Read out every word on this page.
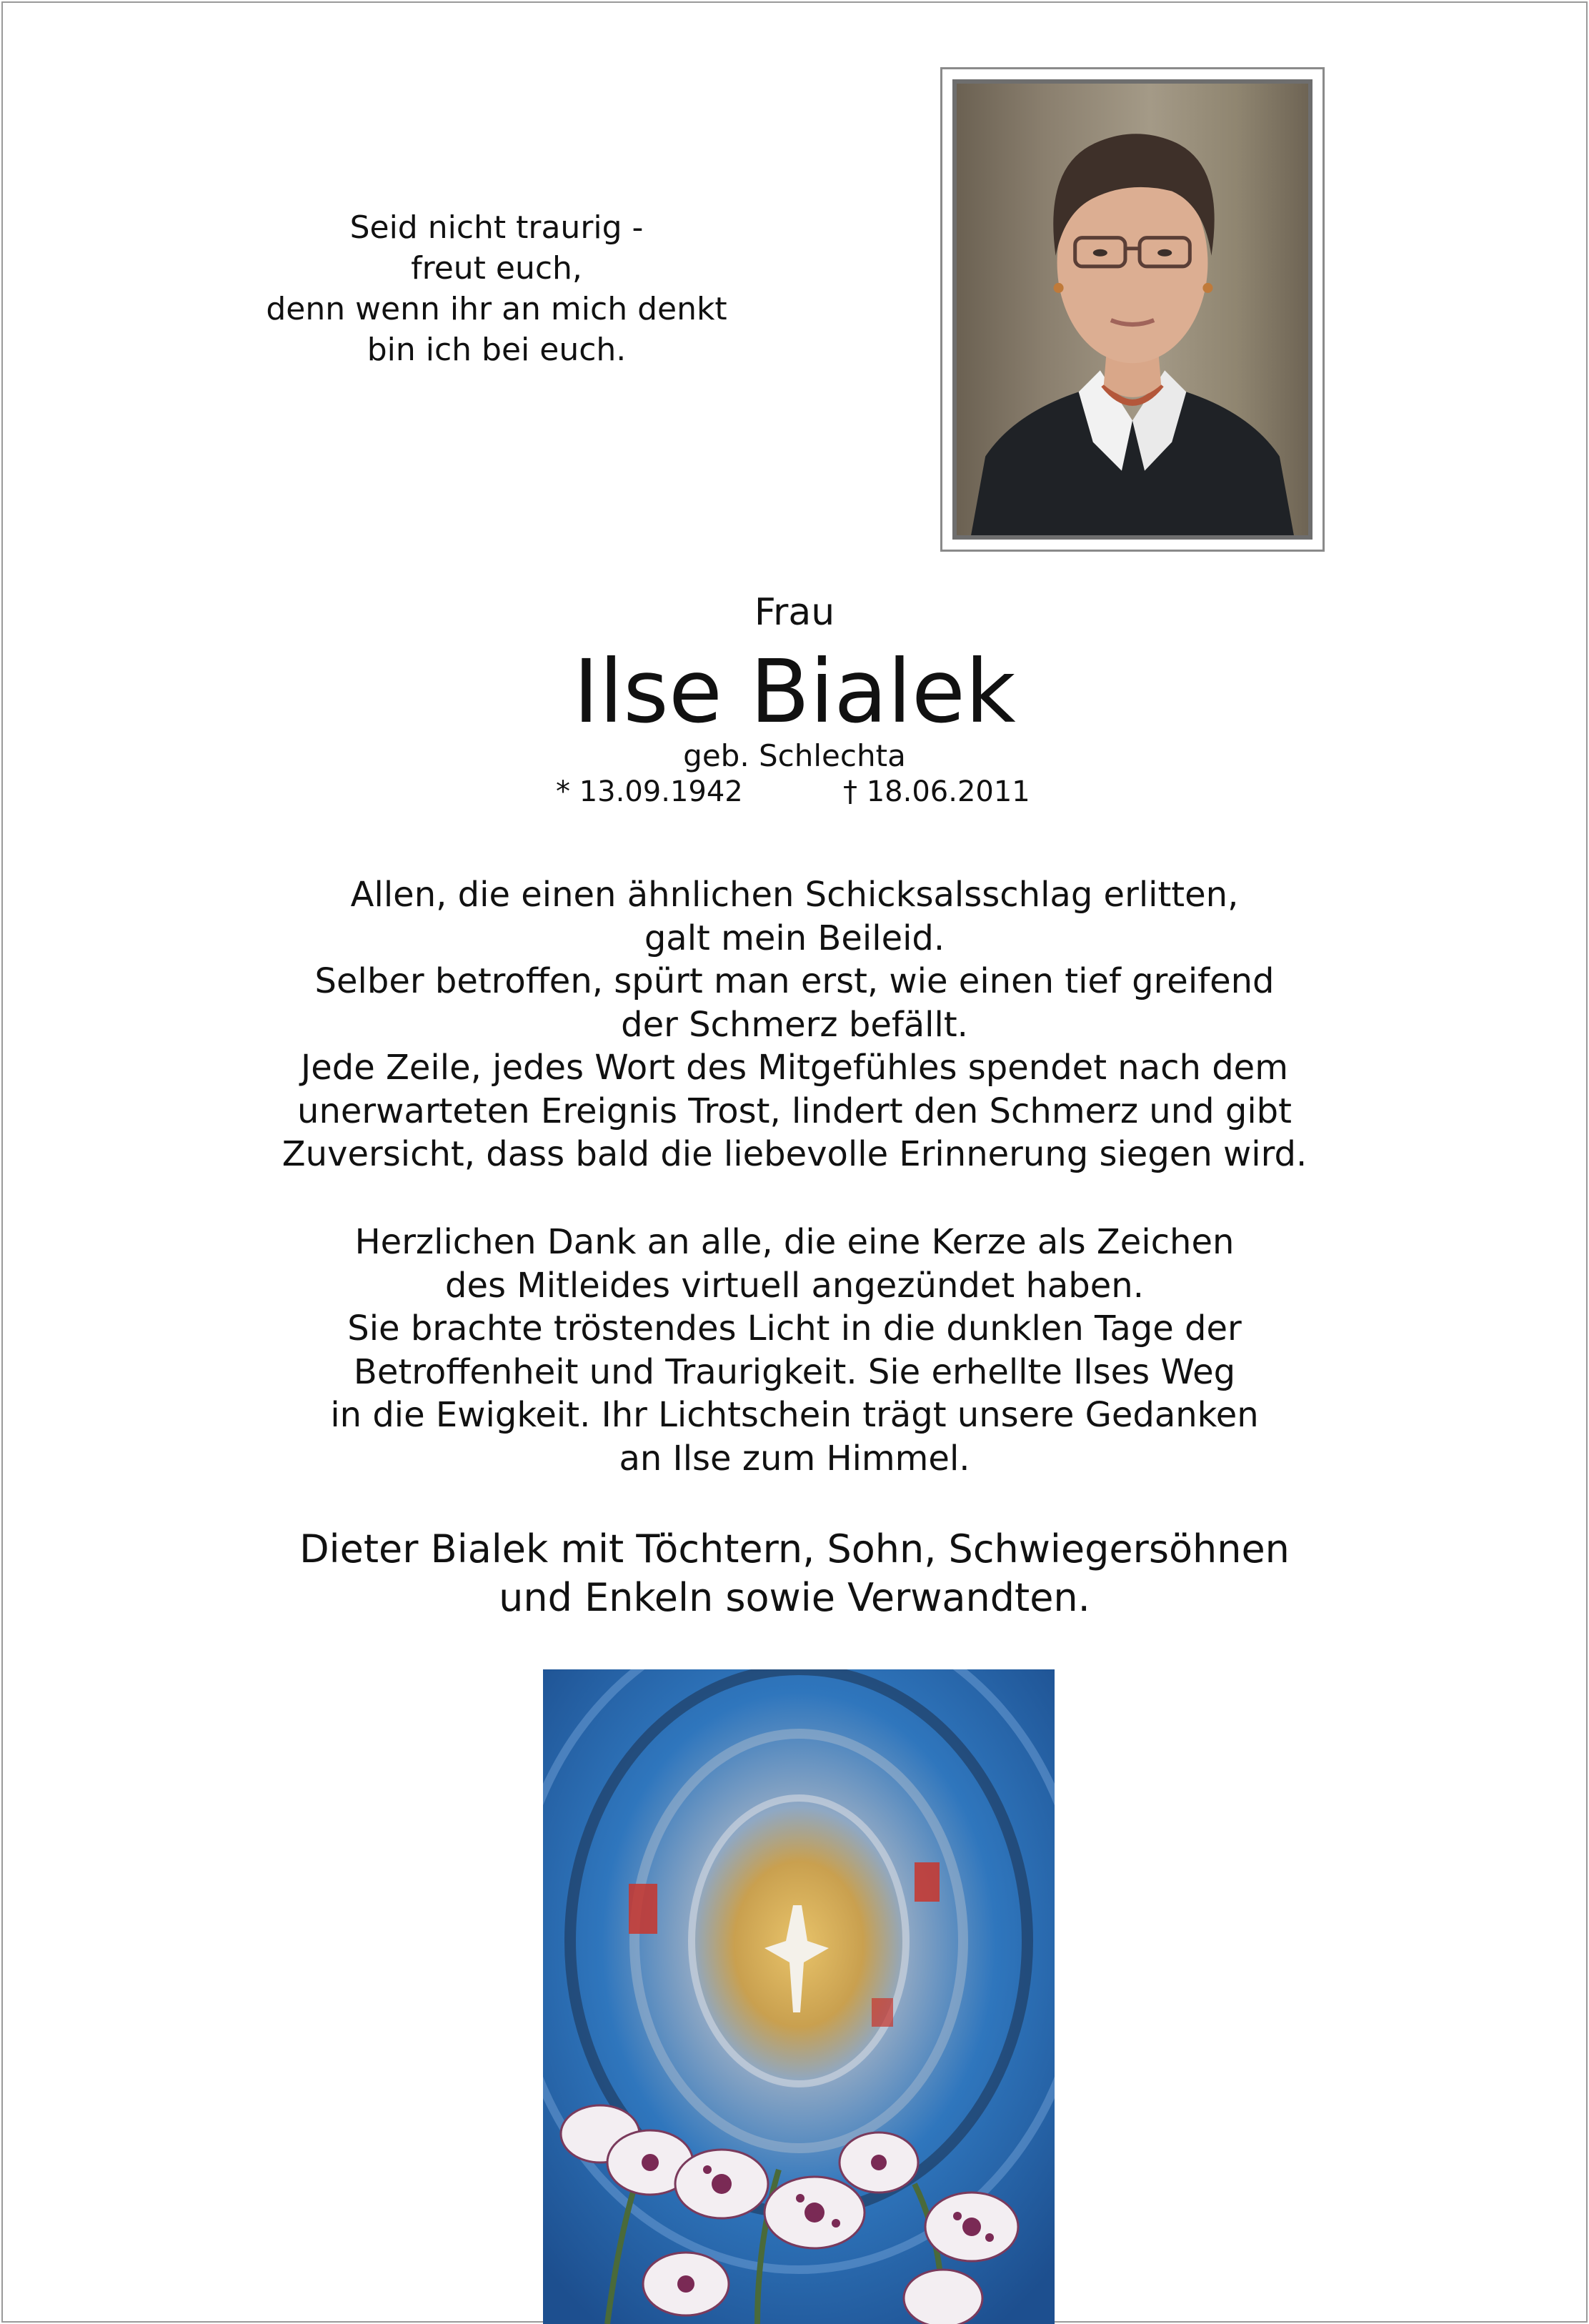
Seid nicht traurig -
freut euch,
denn wenn ihr an mich denkt
bin ich bei euch.
Frau
Ilse Bialek
geb. Schlechta
* 13.09.1942	† 18.06.2011
Allen, die einen ähnlichen Schicksalsschlag erlitten,
galt mein Beileid.
Selber betroffen, spürt man erst, wie einen tief greifend
der Schmerz befällt.
Jede Zeile, jedes Wort des Mitgefühles spendet nach dem
unerwarteten Ereignis Trost, lindert den Schmerz und gibt
Zuversicht, dass bald die liebevolle Erinnerung siegen wird.
Herzlichen Dank an alle, die eine Kerze als Zeichen
des Mitleides virtuell angezündet haben.
Sie brachte tröstendes Licht in die dunklen Tage der
Betroffenheit und Traurigkeit. Sie erhellte Ilses Weg
in die Ewigkeit. Ihr Lichtschein trägt unsere Gedanken
an Ilse zum Himmel.
Dieter Bialek mit Töchtern, Sohn, Schwiegersöhnen
und Enkeln sowie Verwandten.
